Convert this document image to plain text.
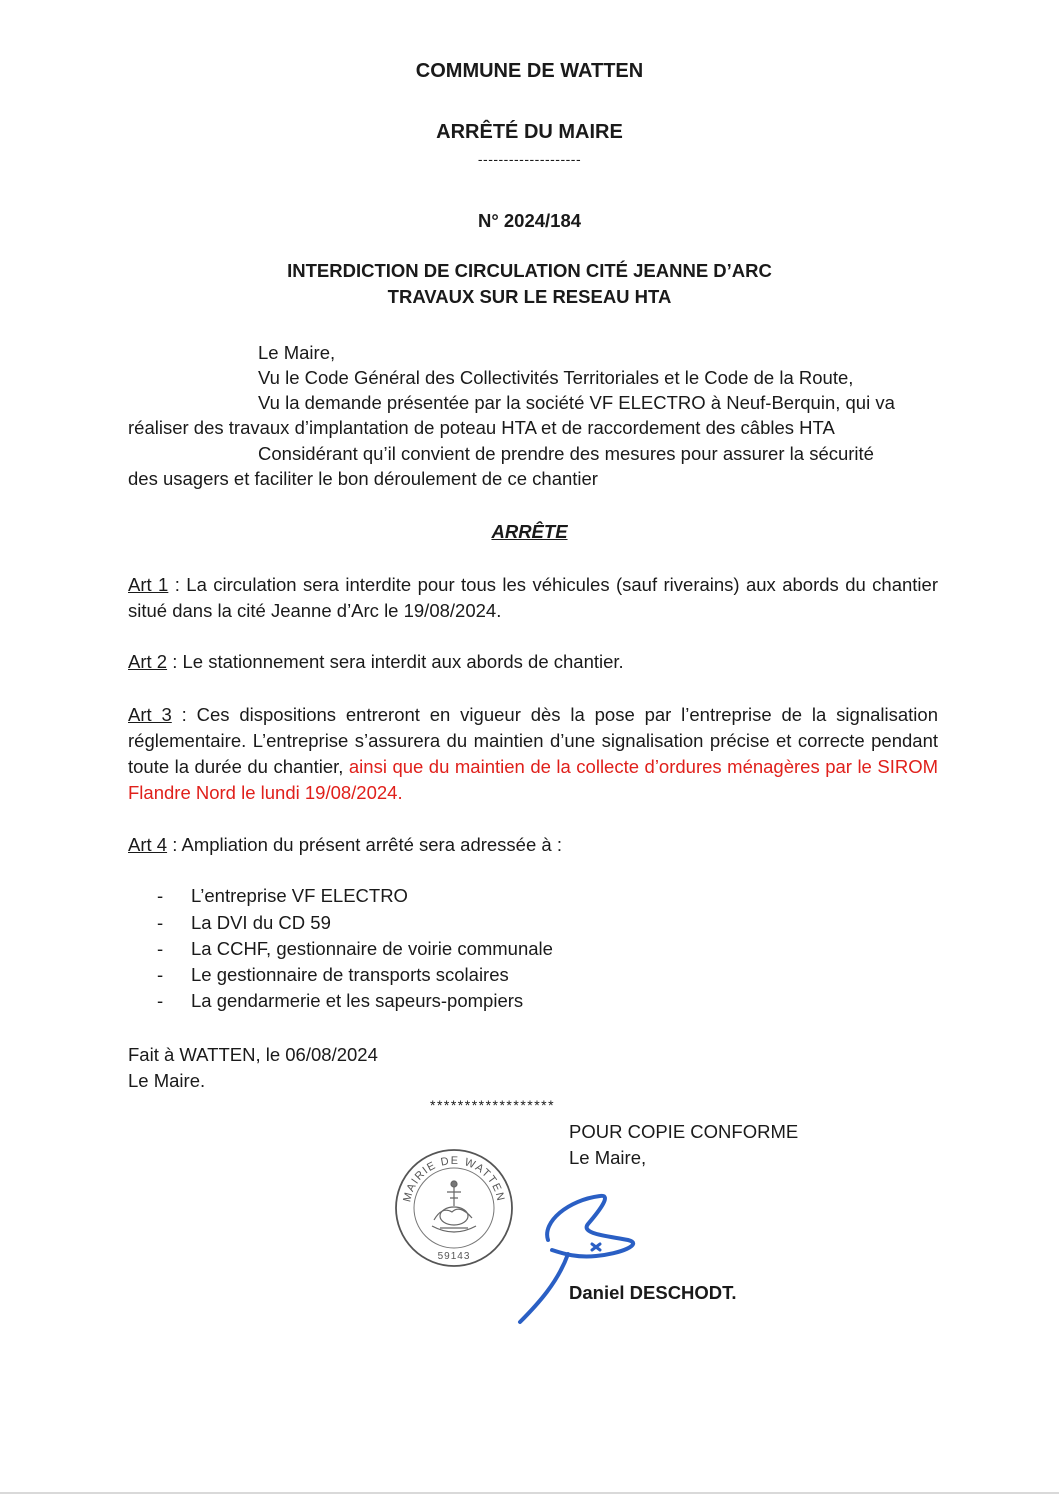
COMMUNE DE WATTEN
ARRÊTÉ DU MAIRE
--------------------
N° 2024/184
INTERDICTION DE CIRCULATION CITÉ JEANNE D’ARC
TRAVAUX SUR LE RESEAU HTA
Le Maire,
Vu le Code Général des Collectivités Territoriales et le Code de la Route,
Vu la demande présentée par la société VF ELECTRO à Neuf-Berquin, qui va
réaliser des travaux d’implantation de poteau HTA et de raccordement des câbles HTA
Considérant qu’il convient de prendre des mesures pour assurer la sécurité
des usagers et faciliter le bon déroulement de ce chantier
ARRÊTE
Art 1 : La circulation sera interdite pour tous les véhicules (sauf riverains) aux abords du chantier situé dans la cité Jeanne d’Arc le 19/08/2024.
Art 2 : Le stationnement sera interdit aux abords de chantier.
Art 3 : Ces dispositions entreront en vigueur dès la pose par l’entreprise de la signalisation réglementaire. L’entreprise s’assurera du maintien d’une signalisation précise et correcte pendant toute la durée du chantier, ainsi que du maintien de la collecte d’ordures ménagères par le SIROM Flandre Nord le lundi 19/08/2024.
Art 4 : Ampliation du présent arrêté sera adressée à :
- L’entreprise VF ELECTRO
- La DVI du CD 59
- La CCHF, gestionnaire de voirie communale
- Le gestionnaire de transports scolaires
- La gendarmerie et les sapeurs-pompiers
Fait à WATTEN, le 06/08/2024
Le Maire.
******************
POUR COPIE CONFORME
Le Maire,
MAIRIE DE WATTEN
59143
Daniel DESCHODT.
